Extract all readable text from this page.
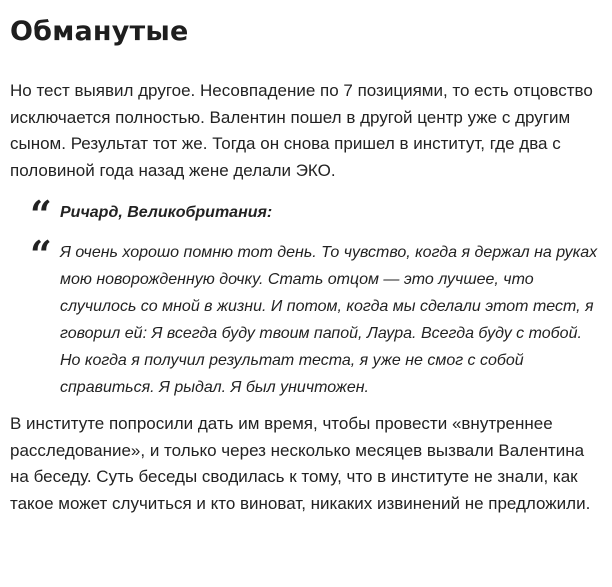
Обманутые

Но тест выявил другое. Несовпадение по 7 позициями, то есть отцовство исключается полностью. Валентин пошел в другой центр уже с другим сыном. Результат тот же. Тогда он снова пришел в институт, где два с половиной года назад жене делали ЭКО.

“ Ричард, Великобритания:
“ Я очень хорошо помню тот день. То чувство, когда я держал на руках мою новорожденную дочку. Стать отцом — это лучшее, что случилось со мной в жизни. И потом, когда мы сделали этот тест, я говорил ей: Я всегда буду твоим папой, Лаура. Всегда буду с тобой. Но когда я получил результат теста, я уже не смог с собой справиться. Я рыдал. Я был уничтожен.

В институте попросили дать им время, чтобы провести «внутреннее расследование», и только через несколько месяцев вызвали Валентина на беседу. Суть беседы сводилась к тому, что в институте не знали, как такое может случиться и кто виноват, никаких извинений не предложили.
